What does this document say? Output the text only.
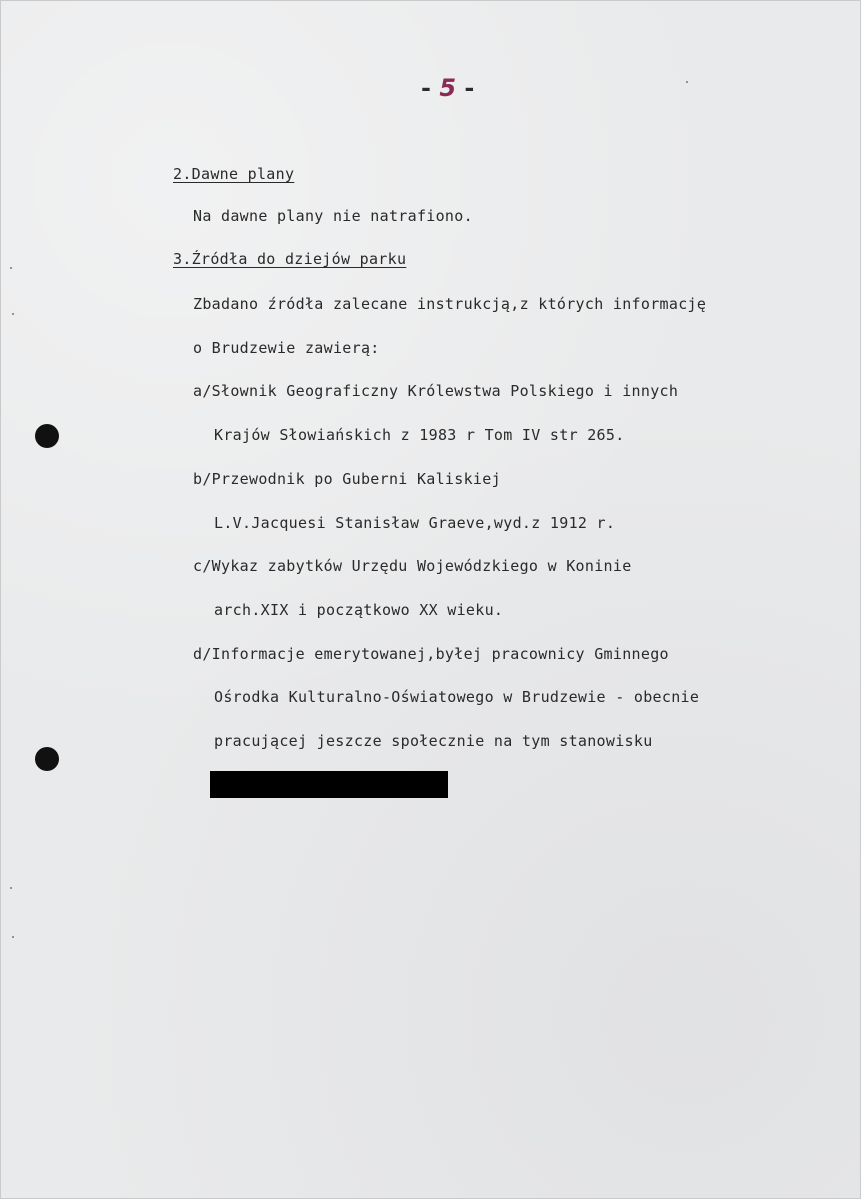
- 5 -
2.Dawne plany
Na dawne plany nie natrafiono.
3.Źródła do dziejów parku
Zbadano źródła zalecane instrukcją,z których informację
o Brudzewie zawierą:
a/Słownik Geograficzny Królewstwa Polskiego i innych
Krajów Słowiańskich z 1983 r Tom IV str 265.
b/Przewodnik po Guberni Kaliskiej
L.V.Jacquesi Stanisław Graeve,wyd.z 1912 r.
c/Wykaz zabytków Urzędu Wojewódzkiego w Koninie
arch.XIX i początkowo XX wieku.
d/Informacje emerytowanej,byłej pracownicy Gminnego
Ośrodka Kulturalno-Oświatowego w Brudzewie - obecnie
pracującej jeszcze społecznie na tym stanowisku
